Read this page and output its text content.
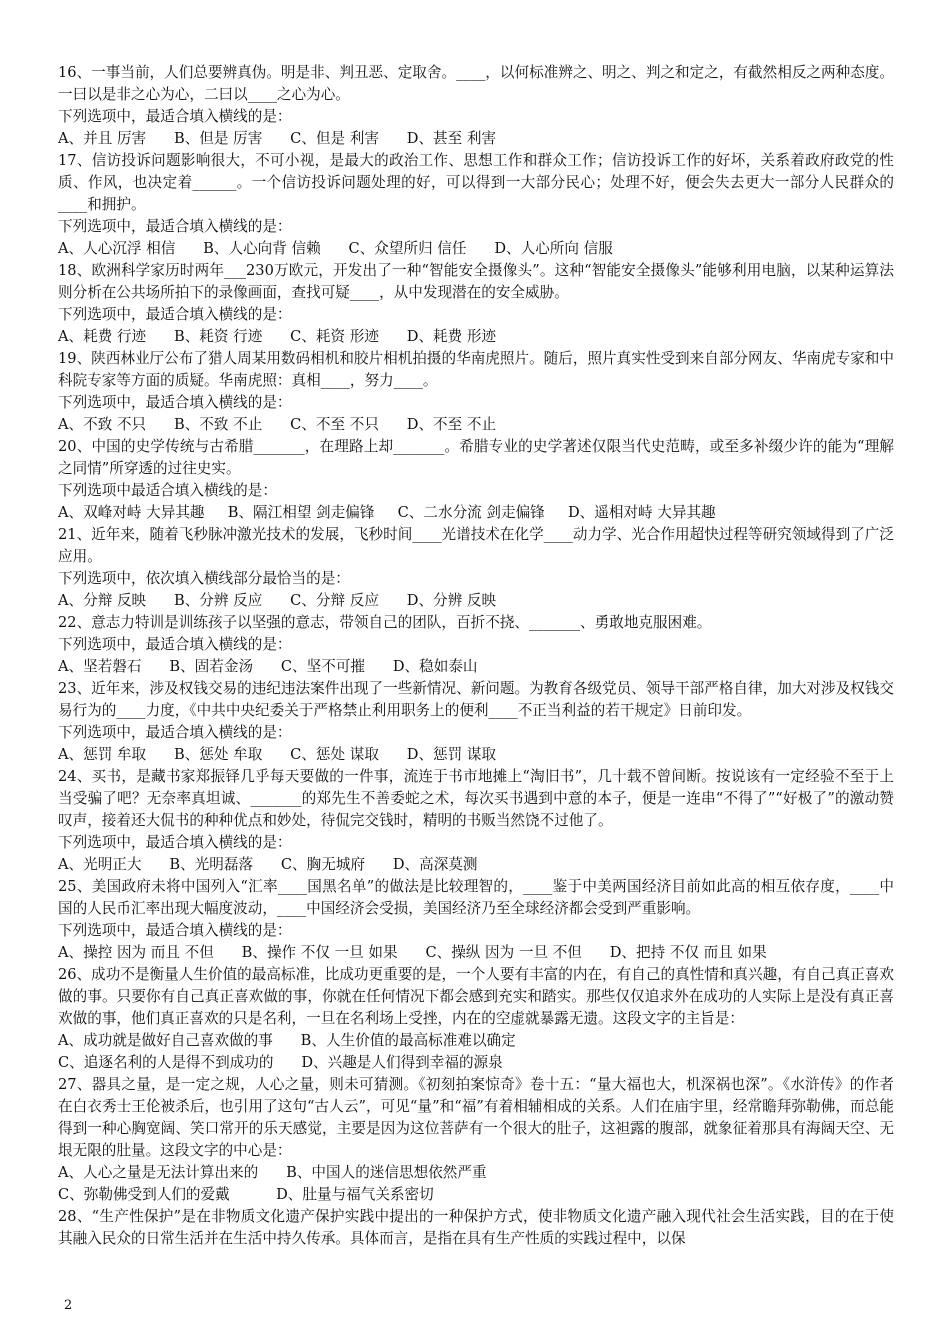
16、一事当前，人们总要辨真伪。明是非、判丑恶、定取舍。____，以何标准辨之、明之、判之和定之，有截然相反之两种态度。一曰以是非之心为心，二曰以____之心为心。
下列选项中，最适合填入横线的是：
A、并且 厉害      B、但是 厉害      C、但是 利害      D、甚至 利害
17、信访投诉问题影响很大，不可小视，是最大的政治工作、思想工作和群众工作；信访投诉工作的好坏，关系着政府政党的性质、作风，也决定着______。一个信访投诉问题处理的好，可以得到一大部分民心；处理不好，便会失去更大一部分人民群众的____和拥护。
下列选项中，最适合填入横线的是：
A、人心沉浮 相信      B、人心向背 信赖      C、众望所归 信任      D、人心所向 信服
18、欧洲科学家历时两年___230万欧元，开发出了一种“智能安全摄像头”。这种“智能安全摄像头”能够利用电脑，以某种运算法则分析在公共场所拍下的录像画面，查找可疑____，从中发现潜在的安全威胁。
下列选项中，最适合填入横线的是：
A、耗费 行迹      B、耗资 行迹      C、耗资 形迹      D、耗费 形迹
19、陕西林业厅公布了猎人周某用数码相机和胶片相机拍摄的华南虎照片。随后，照片真实性受到来自部分网友、华南虎专家和中科院专家等方面的质疑。华南虎照：真相____，努力____。
下列选项中，最适合填入横线的是：
A、不致 不只      B、不致 不止      C、不至 不只      D、不至 不止
20、中国的史学传统与古希腊_______，在理路上却_______。希腊专业的史学著述仅限当代史范畴，或至多补缀少许的能为“理解之同情”所穿透的过往史实。
下列选项中最适合填入横线的是：
A、双峰对峙 大异其趣     B、隔江相望 剑走偏锋     C、二水分流 剑走偏锋     D、遥相对峙 大异其趣
21、近年来，随着飞秒脉冲激光技术的发展，飞秒时间____光谱技术在化学____动力学、光合作用超快过程等研究领域得到了广泛应用。
下列选项中，依次填入横线部分最恰当的是：
A、分辩 反映      B、分辨 反应      C、分辩 反应      D、分辨 反映
22、意志力特训是训练孩子以坚强的意志，带领自己的团队，百折不挠、_______、勇敢地克服困难。
下列选项中，最适合填入横线的是：
A、坚若磐石      B、固若金汤      C、坚不可摧      D、稳如泰山
23、近年来，涉及权钱交易的违纪违法案件出现了一些新情况、新问题。为教育各级党员、领导干部严格自律，加大对涉及权钱交易行为的____力度，《中共中央纪委关于严格禁止利用职务上的便利____不正当利益的若干规定》日前印发。
下列选项中，最适合填入横线的是：
A、惩罚 牟取      B、惩处 牟取      C、惩处 谋取      D、惩罚 谋取
24、买书，是藏书家郑振铎几乎每天要做的一件事，流连于书市地摊上“淘旧书”，几十载不曾间断。按说该有一定经验不至于上当受骗了吧？无奈率真坦诚、_______的郑先生不善委蛇之术，每次买书遇到中意的本子，便是一连串“不得了”“好极了”的激动赞叹声，接着还大侃书的种种优点和妙处，待侃完交钱时，精明的书贩当然饶不过他了。
下列选项中，最适合填入横线的是：
A、光明正大      B、光明磊落      C、胸无城府      D、高深莫测
25、美国政府未将中国列入“汇率____国黑名单”的做法是比较理智的，____鉴于中美两国经济目前如此高的相互依存度，____中国的人民币汇率出现大幅度波动，____中国经济会受损，美国经济乃至全球经济都会受到严重影响。
下列选项中，最适合填入横线的是：
A、操控 因为 而且 不但      B、操作 不仅 一旦 如果      C、操纵 因为 一旦 不但      D、把持 不仅 而且 如果
26、成功不是衡量人生价值的最高标准，比成功更重要的是，一个人要有丰富的内在，有自己的真性情和真兴趣，有自己真正喜欢做的事。只要你有自己真正喜欢做的事，你就在任何情况下都会感到充实和踏实。那些仅仅追求外在成功的人实际上是没有真正喜欢做的事，他们真正喜欢的只是名利，一旦在名利场上受挫，内在的空虚就暴露无遗。这段文字的主旨是：
A、成功就是做好自己喜欢做的事      B、人生价值的最高标准难以确定
C、追逐名利的人是得不到成功的      D、兴趣是人们得到幸福的源泉
27、器具之量，是一定之规，人心之量，则未可猜测。《初刻拍案惊奇》卷十五：“量大福也大，机深祸也深”。《水浒传》的作者在白衣秀士王伦被杀后，也引用了这句“古人云”，可见“量”和“福”有着相辅相成的关系。人们在庙宇里，经常瞻拜弥勒佛，而总能得到一种心胸宽阔、笑口常开的乐天感觉，主要是因为这位菩萨有一个很大的肚子，这袒露的腹部，就象征着那具有海阔天空、无垠无限的肚量。这段文字的中心是：
A、人心之量是无法计算出来的      B、中国人的迷信思想依然严重
C、弥勒佛受到人们的爱戴          D、肚量与福气关系密切
28、“生产性保护”是在非物质文化遗产保护实践中提出的一种保护方式，使非物质文化遗产融入现代社会生活实践，目的在于使其融入民众的日常生活并在生活中持久传承。具体而言，是指在具有生产性质的实践过程中，以保
2
